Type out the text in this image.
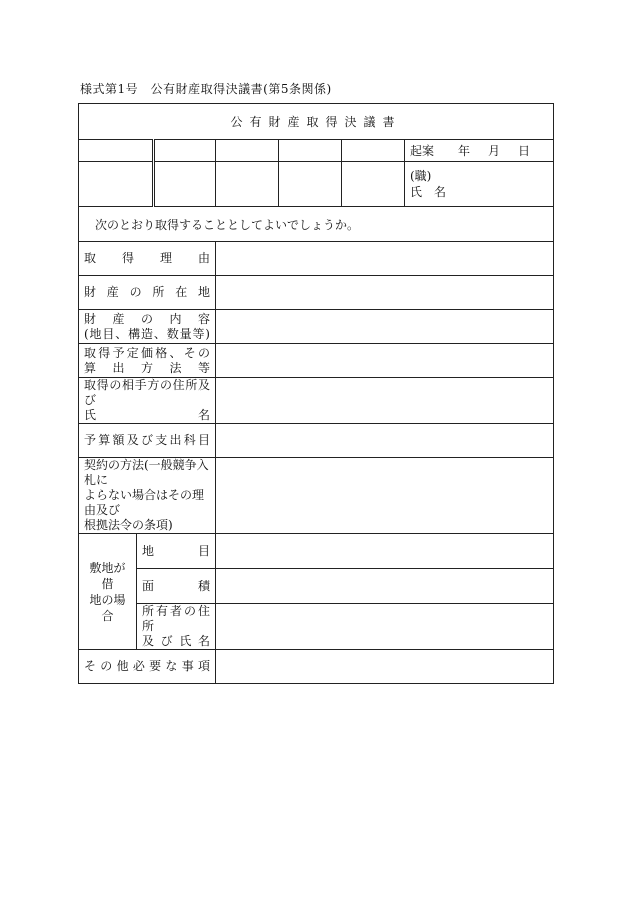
様式第1号　公有財産取得決議書(第5条関係)
公有財産取得決議書						
						起案 年 月 日

						(職)
氏　名

次のとおり取得することとしてよいでしょうか。						

取得理由						

財産の所在地						

財産の内容
(地目、構造、数量等)						

取得予定価格、その
算出方法等						

取得の相手方の住所及び
氏名						

予算額及び支出科目						

契約の方法(一般競争入札に
よらない場合はその理由及び
根拠法令の条項)						

敷地が借
地の場合	地目					

	面積					

	所有者の住所
及び氏名					

その他必要な事項						
